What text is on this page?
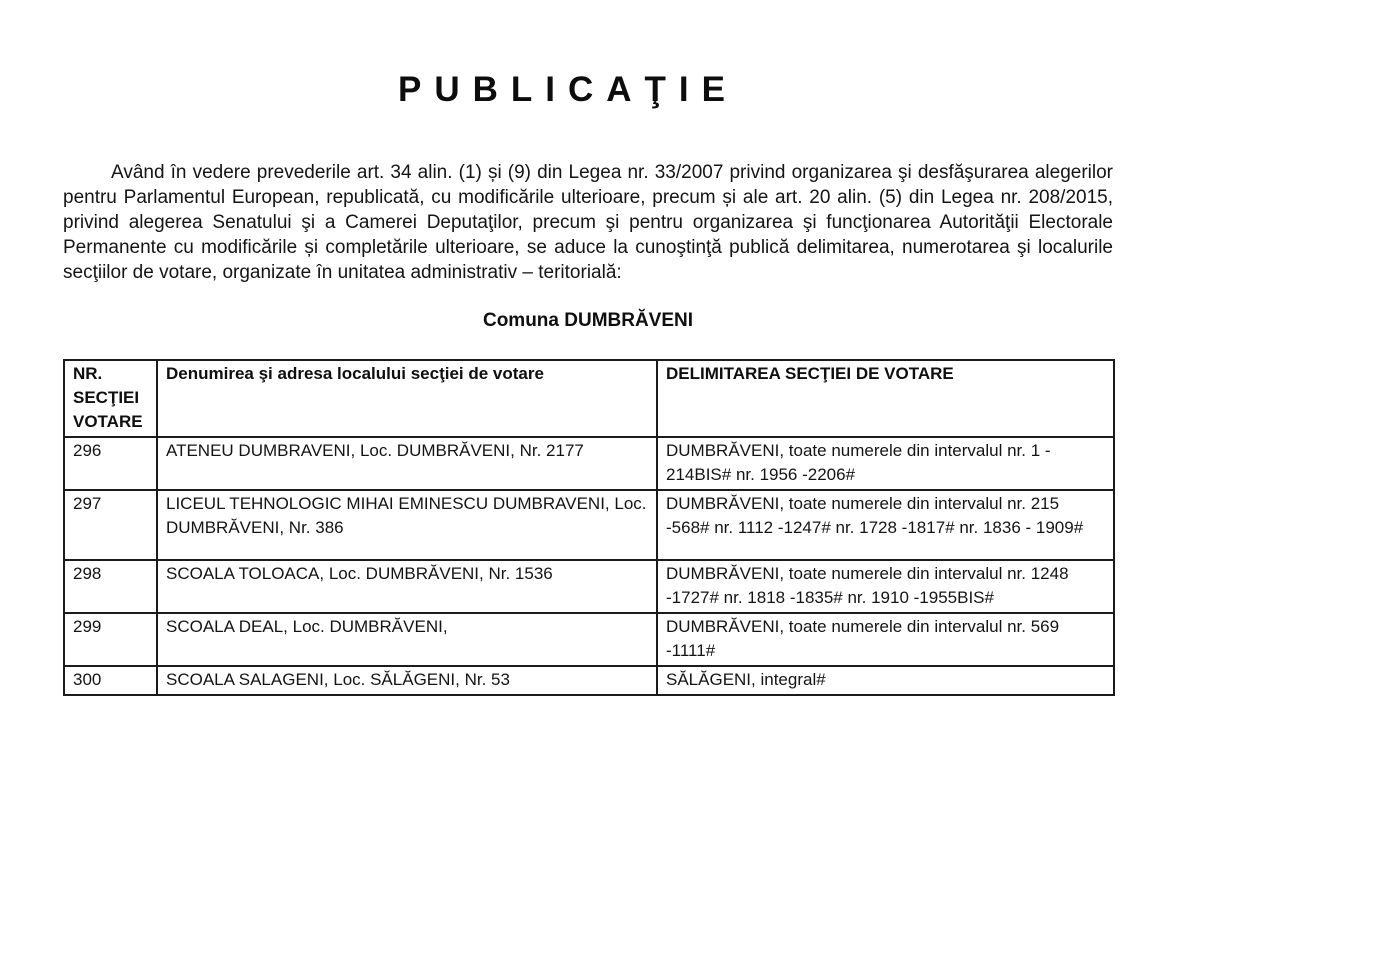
PUBLICAŢIE

Având în vedere prevederile art. 34 alin. (1) și (9) din Legea nr. 33/2007 privind organizarea şi desfăşurarea alegerilor pentru Parlamentul European, republicată, cu modificările ulterioare, precum și ale art. 20 alin. (5) din Legea nr. 208/2015, privind alegerea Senatului şi a Camerei Deputaţilor, precum şi pentru organizarea şi funcţionarea Autorităţii Electorale Permanente cu modificările și completările ulterioare, se aduce la cunoştinţă publică delimitarea, numerotarea şi localurile secţiilor de votare, organizate în unitatea administrativ – teritorială:

Comuna DUMBRĂVENI
NR. SECŢIEI VOTARE	Denumirea şi adresa localului secţiei de votare	DELIMITAREA SECŢIEI DE VOTARE
296	ATENEU DUMBRAVENI, Loc. DUMBRĂVENI, Nr. 2177	DUMBRĂVENI, toate numerele din intervalul nr. 1 - 214BIS# nr. 1956 -2206#
297	LICEUL TEHNOLOGIC MIHAI EMINESCU DUMBRAVENI, Loc. DUMBRĂVENI, Nr. 386	DUMBRĂVENI, toate numerele din intervalul nr. 215 -568# nr. 1112 -1247# nr. 1728 -1817# nr. 1836 - 1909#
298	SCOALA TOLOACA, Loc. DUMBRĂVENI, Nr. 1536	DUMBRĂVENI, toate numerele din intervalul nr. 1248 -1727# nr. 1818 -1835# nr. 1910 -1955BIS#
299	SCOALA DEAL, Loc. DUMBRĂVENI,	DUMBRĂVENI, toate numerele din intervalul nr. 569 -1111#
300	SCOALA SALAGENI, Loc. SĂLĂGENI, Nr. 53	SĂLĂGENI, integral#
